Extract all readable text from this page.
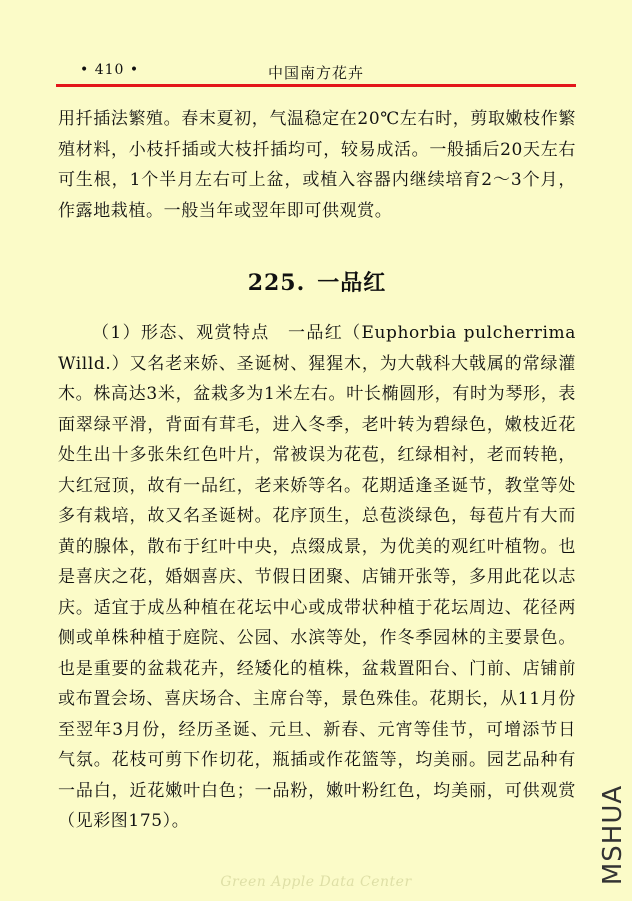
• 410 •	中国南方花卉

用扦插法繁殖。春末夏初，气温稳定在20℃左右时，剪取嫩枝作繁殖材料，小枝扦插或大枝扦插均可，较易成活。一般插后20天左右可生根，1个半月左右可上盆，或植入容器内继续培育2～3个月，作露地栽植。一般当年或翌年即可供观赏。

225. 一品红

（1）形态、观赏特点　一品红（Euphorbia pulcherrima Willd.）又名老来娇、圣诞树、猩猩木，为大戟科大戟属的常绿灌木。株高达3米，盆栽多为1米左右。叶长椭圆形，有时为琴形，表面翠绿平滑，背面有茸毛，进入冬季，老叶转为碧绿色，嫩枝近花处生出十多张朱红色叶片，常被误为花苞，红绿相衬，老而转艳，大红冠顶，故有一品红，老来娇等名。花期适逢圣诞节，教堂等处多有栽培，故又名圣诞树。花序顶生，总苞淡绿色，每苞片有大而黄的腺体，散布于红叶中央，点缀成景，为优美的观红叶植物。也是喜庆之花，婚姻喜庆、节假日团聚、店铺开张等，多用此花以志庆。适宜于成丛种植在花坛中心或成带状种植于花坛周边、花径两侧或单株种植于庭院、公园、水滨等处，作冬季园林的主要景色。也是重要的盆栽花卉，经矮化的植株，盆栽置阳台、门前、店铺前或布置会场、喜庆场合、主席台等，景色殊佳。花期长，从11月份至翌年3月份，经历圣诞、元旦、新春、元宵等佳节，可增添节日气氛。花枝可剪下作切花，瓶插或作花篮等，均美丽。园艺品种有一品白，近花嫩叶白色；一品粉，嫩叶粉红色，均美丽，可供观赏（见彩图175）。

Green Apple Data Center	MSHUA
